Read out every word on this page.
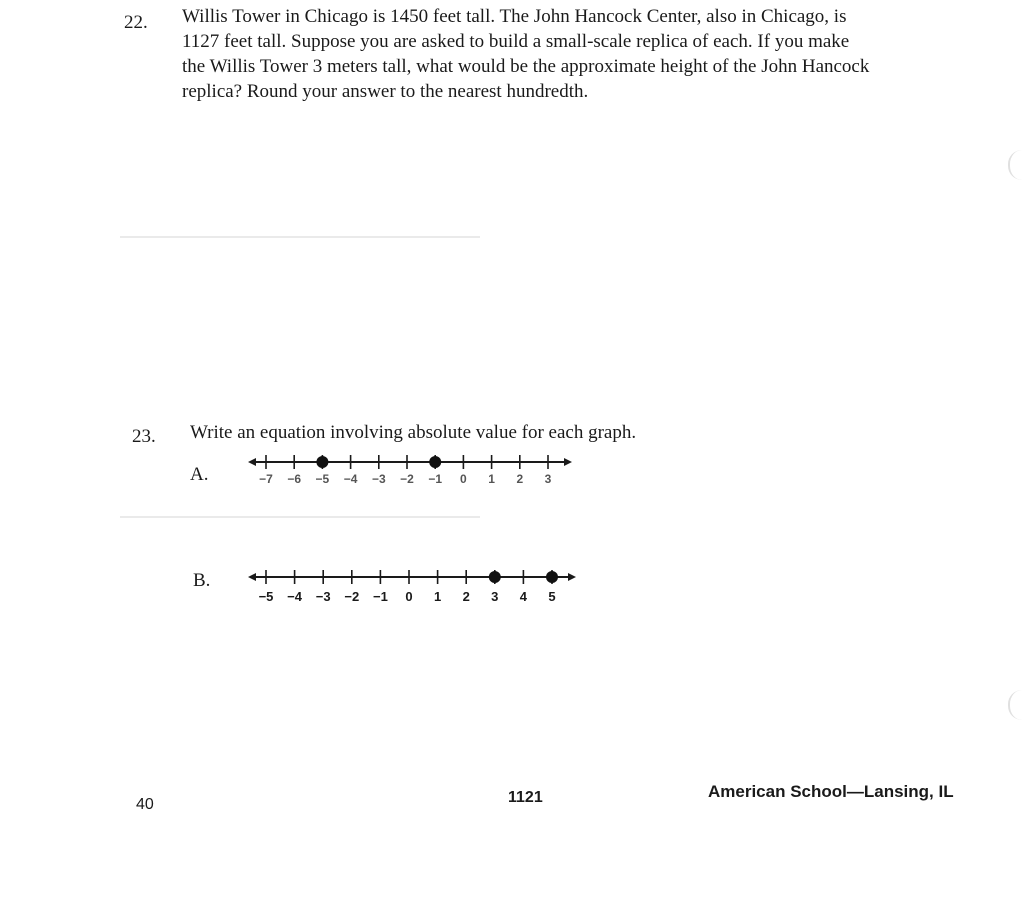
22. Willis Tower in Chicago is 1450 feet tall. The John Hancock Center, also in Chicago, is
1127 feet tall. Suppose you are asked to build a small-scale replica of each. If you make
the Willis Tower 3 meters tall, what would be the approximate height of the John Hancock
replica? Round your answer to the nearest hundredth.
23. Write an equation involving absolute value for each graph.
A.	−7 −6 −5 −4 −3 −2 −1 0 1 2 3
B.
−5 −4 −3 −2 −1 0 1 2 3 4 5
40	1121	American School—Lansing, IL
